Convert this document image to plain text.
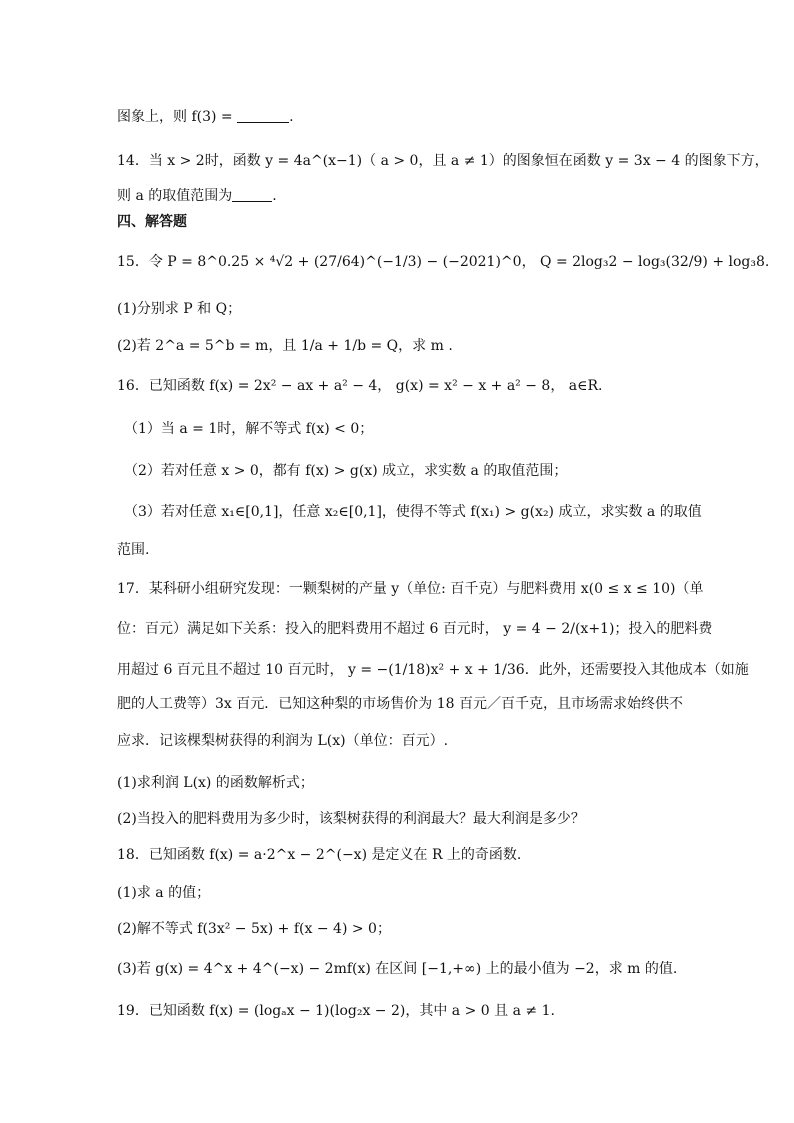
图象上，则 f(3) =	.
14．当 x > 2时，函数 y = 4a^(x−1)（ a > 0，且 a ≠ 1）的图象恒在函数 y = 3x − 4 的图象下方，
则 a 的取值范围为	.
四、解答题
15．令 P = 8^0.25 × ⁴√2 + (27/64)^(−1/3) − (−2021)^0， Q = 2log₃2 − log₃(32/9) + log₃8.
(1)分别求 P 和 Q；
(2)若 2^a = 5^b = m，且 1/a + 1/b = Q，求 m .
16．已知函数 f(x) = 2x² − ax + a² − 4， g(x) = x² − x + a² − 8， a∈R.
（1）当 a = 1时，解不等式 f(x) < 0；
（2）若对任意 x > 0，都有 f(x) > g(x) 成立，求实数 a 的取值范围；
（3）若对任意 x₁∈[0,1]，任意 x₂∈[0,1]，使得不等式 f(x₁) > g(x₂) 成立，求实数 a 的取值
范围.
17．某科研小组研究发现：一颗梨树的产量 y（单位: 百千克）与肥料费用 x(0 ≤ x ≤ 10)（单
位：百元）满足如下关系：投入的肥料费用不超过 6 百元时， y = 4 − 2/(x+1)；投入的肥料费
用超过 6 百元且不超过 10 百元时， y = −(1/18)x² + x + 1/36．此外，还需要投入其他成本（如施
肥的人工费等）3x 百元．已知这种梨的市场售价为 18 百元／百千克，且市场需求始终供不
应求．记该棵梨树获得的利润为 L(x)（单位：百元）.
(1)求利润 L(x) 的函数解析式；
(2)当投入的肥料费用为多少时，该梨树获得的利润最大？最大利润是多少？
18．已知函数 f(x) = a·2^x − 2^(−x) 是定义在 R 上的奇函数.
(1)求 a 的值；
(2)解不等式 f(3x² − 5x) + f(x − 4) > 0；
(3)若 g(x) = 4^x + 4^(−x) − 2mf(x) 在区间 [−1,+∞) 上的最小值为 −2，求 m 的值.
19．已知函数 f(x) = (logₐx − 1)(log₂x − 2)，其中 a > 0 且 a ≠ 1.
